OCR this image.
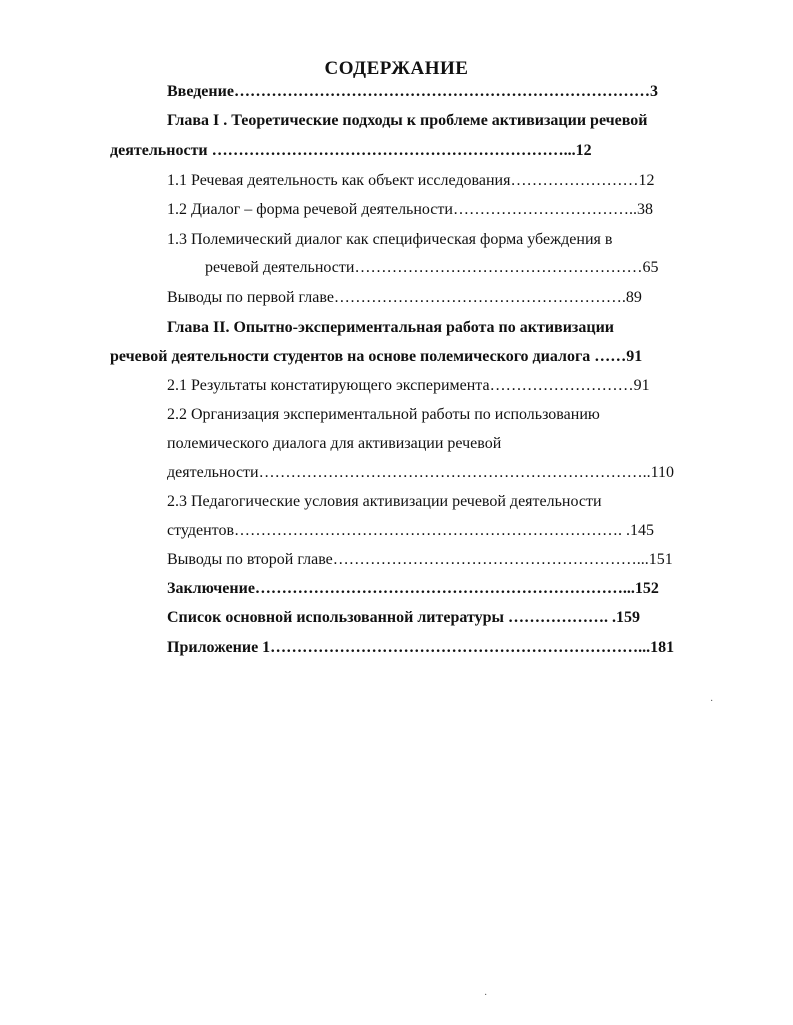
СОДЕРЖАНИЕ
Введение……………………………………………………………………3
Глава I . Теоретические подходы к проблеме активизации речевой
деятельности …………………………………………………………...12
1.1 Речевая деятельность как объект исследования……………………12
1.2 Диалог – форма речевой деятельности……………………………..38
1.3 Полемический диалог как специфическая форма убеждения в
речевой деятельности………………………………………………65
Выводы по первой главе……………………………………………….89
Глава II. Опытно-экспериментальная работа по активизации
речевой деятельности студентов на основе полемического диалога ……91
2.1 Результаты констатирующего эксперимента………………………91
2.2 Организация экспериментальной работы по использованию
полемического диалога для активизации речевой
деятельности………………………………………………………………..110
2.3 Педагогические условия активизации речевой деятельности
студентов………………………………………………………………. .145
Выводы по второй главе…………………………………………………...151
Заключение……………………………………………………………...152
Список основной использованной литературы ………………. .159
Приложение 1……………………………………………………………...181
·
·
